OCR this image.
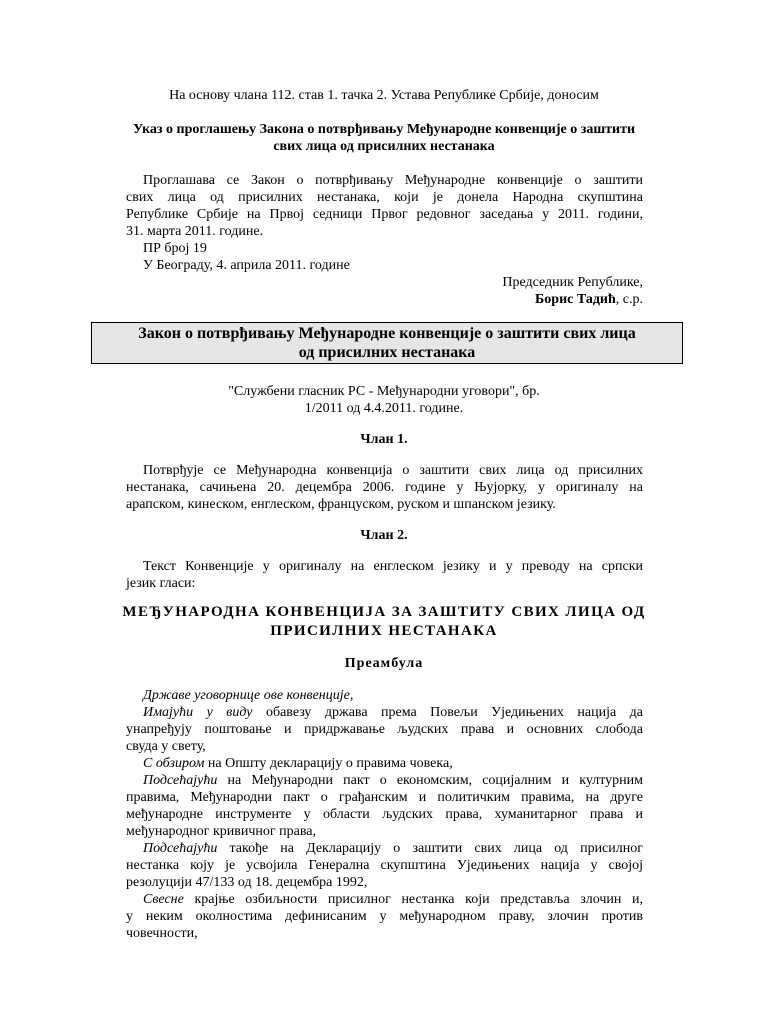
На основу члана 112. став 1. тачка 2. Устава Републике Србије, доносим
Указ о проглашењу Закона о потврђивању Међународне конвенције о заштити
свих лица од присилних нестанака
Проглашава се Закон о потврђивању Међународне конвенције о заштити
свих лица од присилних нестанака, који је донела Народна скупштина
Републике Србије на Првој седници Првог редовног заседања у 2011. години,
31. марта 2011. године.
ПР број 19
У Београду, 4. априла 2011. године
Председник Републике,
Борис Тадић, с.р.
Закон о потврђивању Међународне конвенције о заштити свих лица
од присилних нестанака
"Службени гласник РС - Међународни уговори", бр.
1/2011 од 4.4.2011. године.
Члан 1.
Потврђује се Међународна конвенција о заштити свих лица од присилних
нестанака, сачињена 20. децембра 2006. године у Њујорку, у оригиналу на
арапском, кинеском, енглеском, француском, руском и шпанском језику.
Члан 2.
Текст Конвенције у оригиналу на енглеском језику и у преводу на српски
језик гласи:
МЕЂУНАРОДНА КОНВЕНЦИЈА ЗА ЗАШТИТУ СВИХ ЛИЦА ОД
ПРИСИЛНИХ НЕСТАНАКА
Преамбула
Државе уговорнице ове конвенције,
Имајући у виду обавезу држава према Повељи Уједињених нација да
унапређују поштовање и придржавање људских права и основних слобода
свуда у свету,
С обзиром на Општу декларацију о правима човека,
Подсећајући на Међународни пакт о економским, социјалним и културним
правима, Међународни пакт о грађанским и политичким правима, на друге
међународне инструменте у области људских права, хуманитарног права и
међународног кривичног права,
Подсећајући такође на Декларацију о заштити свих лица од присилног
нестанка коју је усвојила Генерална скупштина Уједињених нација у својој
резолуцији 47/133 од 18. децембра 1992,
Свесне крајње озбиљности присилног нестанка који представља злочин и,
у неким околностима дефинисаним у међународном праву, злочин против
човечности,
